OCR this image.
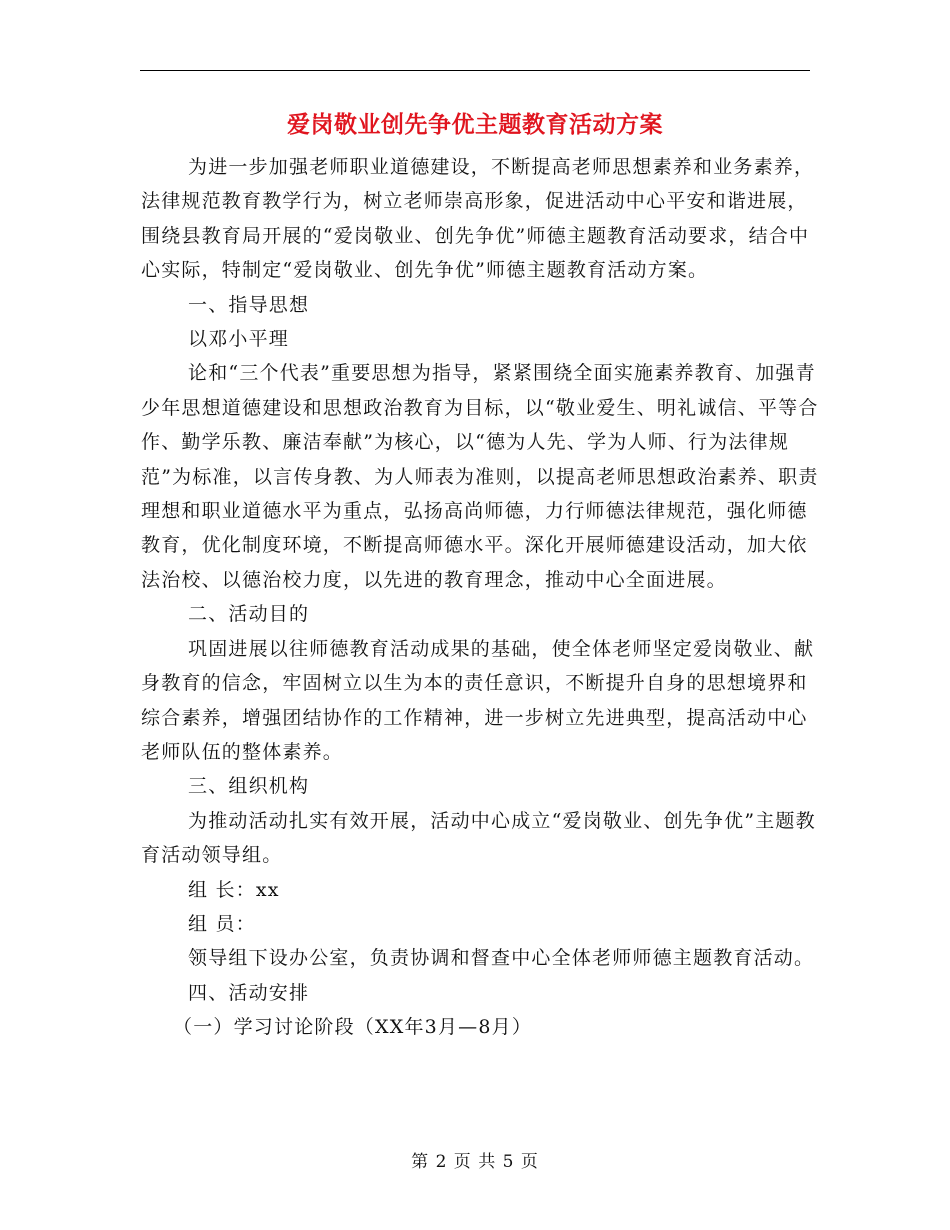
爱岗敬业创先争优主题教育活动方案

为进一步加强老师职业道德建设，不断提高老师思想素养和业务素养，法律规范教育教学行为，树立老师崇高形象，促进活动中心平安和谐进展，围绕县教育局开展的“爱岗敬业、创先争优”师德主题教育活动要求，结合中心实际，特制定“爱岗敬业、创先争优”师德主题教育活动方案。

一、指导思想

以邓小平理

论和“三个代表”重要思想为指导，紧紧围绕全面实施素养教育、加强青少年思想道德建设和思想政治教育为目标，以“敬业爱生、明礼诚信、平等合作、勤学乐教、廉洁奉献”为核心，以“德为人先、学为人师、行为法律规范”为标准，以言传身教、为人师表为准则，以提高老师思想政治素养、职责理想和职业道德水平为重点，弘扬高尚师德，力行师德法律规范，强化师德教育，优化制度环境，不断提高师德水平。深化开展师德建设活动，加大依法治校、以德治校力度，以先进的教育理念，推动中心全面进展。

二、活动目的

巩固进展以往师德教育活动成果的基础，使全体老师坚定爱岗敬业、献身教育的信念，牢固树立以生为本的责任意识，不断提升自身的思想境界和综合素养，增强团结协作的工作精神，进一步树立先进典型，提高活动中心老师队伍的整体素养。

三、组织机构

为推动活动扎实有效开展，活动中心成立“爱岗敬业、创先争优”主题教育活动领导组。

组 长：xx

组 员：

领导组下设办公室，负责协调和督查中心全体老师师德主题教育活动。

四、活动安排

（一）学习讨论阶段（XX年3月—8月）

第 2 页 共 5 页
